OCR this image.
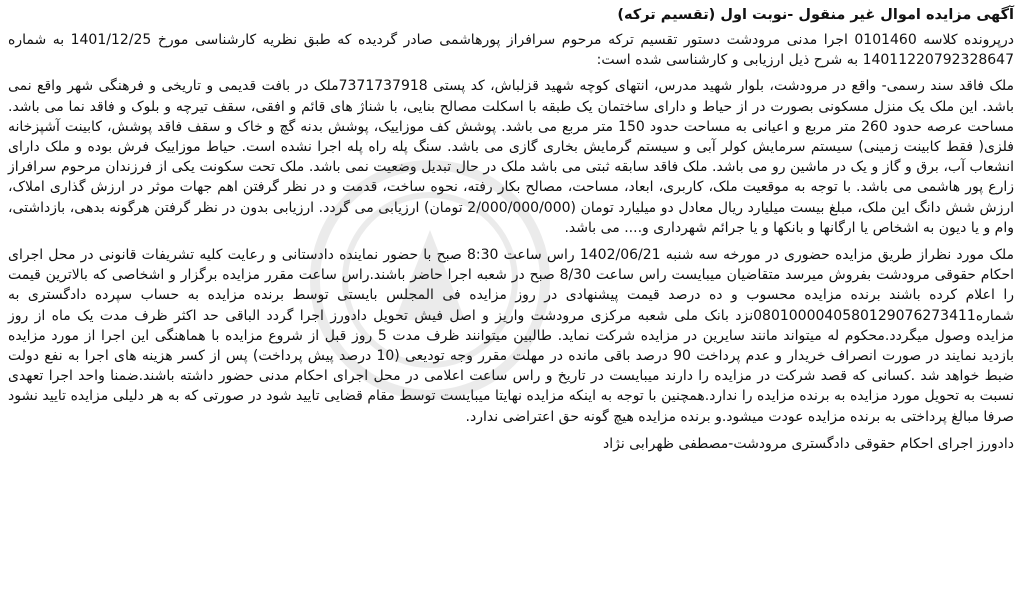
آگهی مزایده اموال غیر منقول -نوبت اول (تقسیم ترکه)

درپرونده کلاسه 0101460 اجرا مدنی مرودشت دستور تقسیم ترکه مرحوم سرافراز پورهاشمی صادر گردیده که طبق نظریه کارشناسی مورخ 1401/12/25 به شماره 14011220792328647 به شرح ذیل ارزیابی و کارشناسی شده است:

ملک فاقد سند رسمی- واقع در مرودشت، بلوار شهید مدرس، انتهای کوچه شهید قزلباش، کد پستی 7371737918ملک در بافت قدیمی و تاریخی و فرهنگی شهر واقع نمی باشد. این ملک یک منزل مسکونی بصورت در از حیاط و دارای ساختمان یک طبقه با اسکلت مصالح بنایی، با شناژ های قائم و افقی، سقف تیرچه و بلوک و فاقد نما می باشد. مساحت عرصه حدود 260 متر مربع و اعیانی به مساحت حدود 150 متر مربع می باشد. پوشش کف موزاییک، پوشش بدنه گچ و خاک و سقف فاقد پوشش، کابینت آشپزخانه فلزی( فقط کابینت زمینی) سیستم سرمایش کولر آبی و سیستم گرمایش بخاری گازی می باشد. سنگ پله راه پله اجرا نشده است. حیاط موزاییک فرش بوده و ملک دارای انشعاب آب، برق و گاز و یک در ماشین رو می باشد. ملک فاقد سابقه ثبتی می باشد ملک در حال تبدیل وضعیت نمی باشد. ملک تحت سکونت یکی از فرزندان مرحوم سرافراز زارع پور هاشمی می باشد. با توجه به موقعیت ملک، کاربری، ابعاد، مساحت، مصالح بکار رفته، نحوه ساخت، قدمت و در نظر گرفتن اهم جهات موثر در ارزش گذاری املاک، ارزش شش دانگ این ملک، مبلغ بیست میلیارد ریال معادل دو میلیارد تومان (2/000/000/000 تومان) ارزیابی می گردد. ارزیابی بدون در نظر گرفتن هرگونه بدهی، بازداشتی، وام و یا دیون به اشخاص یا ارگانها و بانکها و یا جرائم شهرداری و.... می باشد.

ملک مورد نظراز طریق مزایده حضوری در مورخه سه شنبه 1402/06/21 راس ساعت 8:30 صبح با حضور نماینده دادستانی و رعایت کلیه تشریفات قانونی در محل اجرای احکام حقوقی مرودشت بفروش میرسد متقاضیان میبایست راس ساعت 8/30 صبح در شعبه اجرا حاضر باشند.راس ساعت مقرر مزایده برگزار و اشخاصی که بالاترین قیمت را اعلام کرده باشند برنده مزایده محسوب و ده درصد قیمت پیشنهادی در روز مزایده فی المجلس بایستی توسط برنده مزایده به حساب سپرده دادگستری به شماره0801000040580129076273411نزد بانک ملی شعبه مرکزی مرودشت واریز و اصل فیش تحویل دادورز اجرا گردد الباقی حد اکثر ظرف مدت یک ماه از روز مزایده وصول میگردد.محکوم له میتواند مانند سایرین در مزایده شرکت نماید. طالبین میتوانند ظرف مدت 5 روز قبل از شروع مزایده با هماهنگی این اجرا از مورد مزایده بازدید نمایند در صورت انصراف خریدار و عدم پرداخت 90 درصد باقی مانده در مهلت مقرر وجه تودیعی (10 درصد پیش پرداخت) پس از کسر هزینه های اجرا به نفع دولت ضبط خواهد شد .کسانی که قصد شرکت در مزایده را دارند میبایست در تاریخ و راس ساعت اعلامی در محل اجرای احکام مدنی حضور داشته باشند.ضمنا واحد اجرا تعهدی نسبت به تحویل مورد مزایده به برنده مزایده را ندارد.همچنین با توجه به اینکه مزایده نهایتا میبایست توسط مقام قضایی تایید شود در صورتی که به هر دلیلی مزایده تایید نشود صرفا مبالغ پرداختی به برنده مزایده عودت میشود.و برنده مزایده هیچ گونه حق اعتراضی ندارد.

دادورز اجرای احکام حقوقی دادگستری مرودشت-مصطفی ظهرابی نژاد
